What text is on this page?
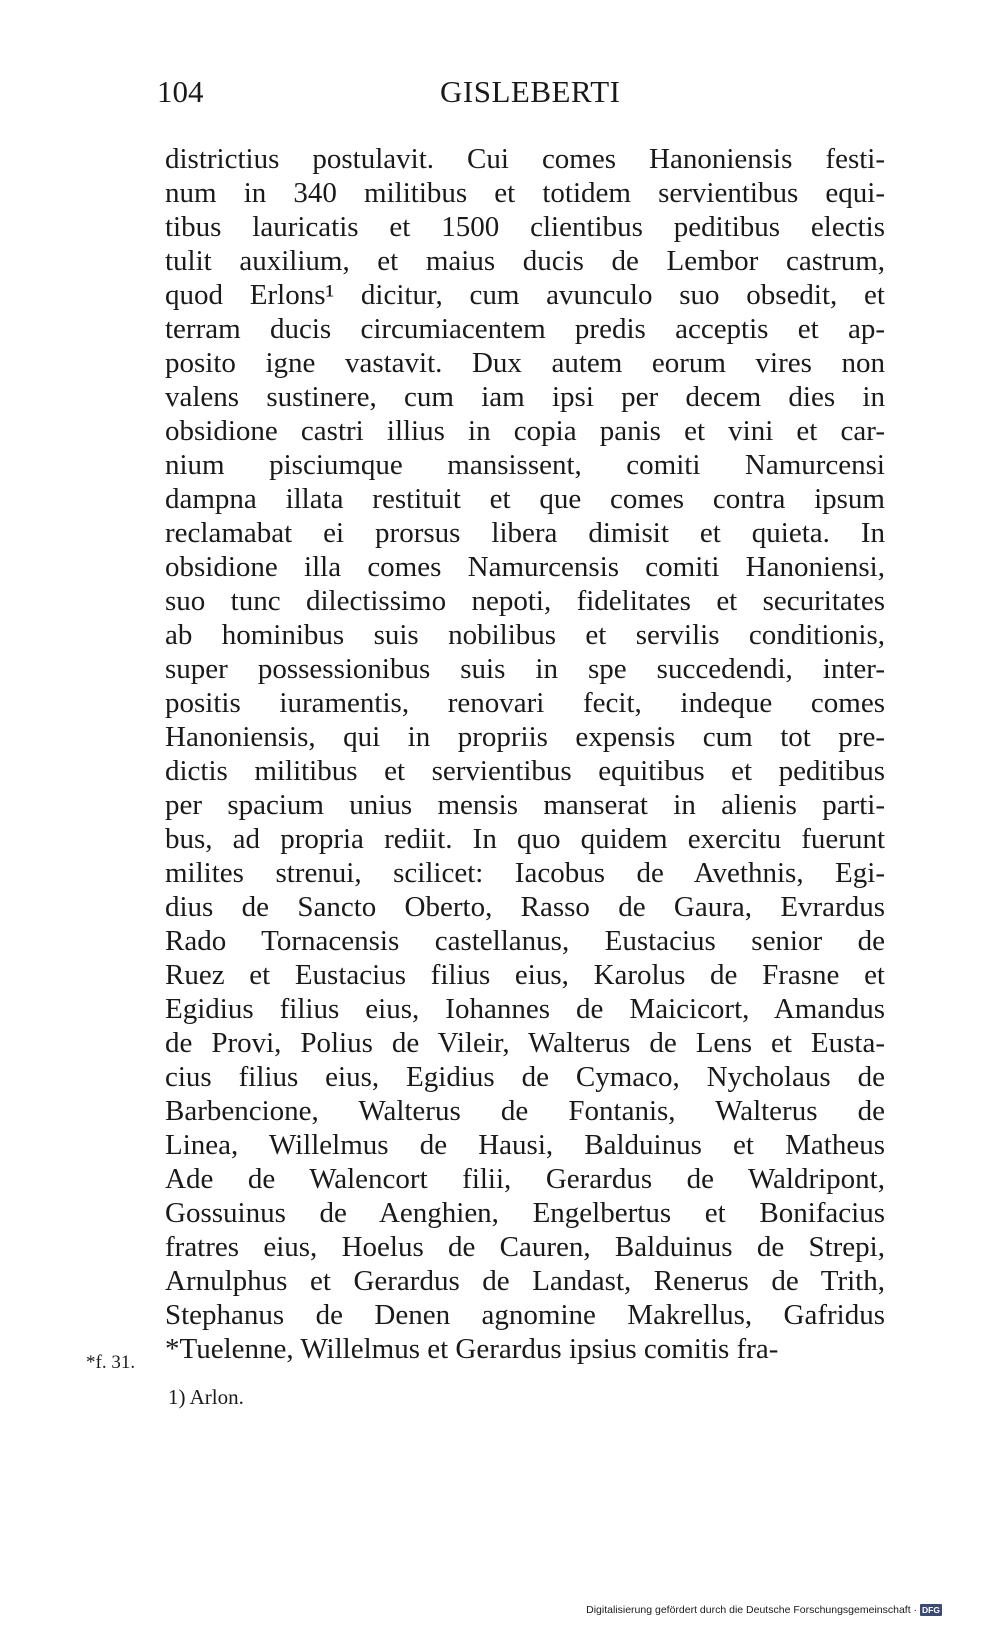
104	GISLEBERTI
districtius postulavit. Cui comes Hanoniensis festi-
num in 340 militibus et totidem servientibus equi-
tibus lauricatis et 1500 clientibus peditibus electis
tulit auxilium, et maius ducis de Lembor castrum,
quod Erlons¹ dicitur, cum avunculo suo obsedit, et
terram ducis circumiacentem predis acceptis et ap-
posito igne vastavit. Dux autem eorum vires non
valens sustinere, cum iam ipsi per decem dies in
obsidione castri illius in copia panis et vini et car-
nium pisciumque mansissent, comiti Namurcensi
dampna illata restituit et que comes contra ipsum
reclamabat ei prorsus libera dimisit et quieta. In
obsidione illa comes Namurcensis comiti Hanoniensi,
suo tunc dilectissimo nepoti, fidelitates et securitates
ab hominibus suis nobilibus et servilis conditionis,
super possessionibus suis in spe succedendi, inter-
positis iuramentis, renovari fecit, indeque comes
Hanoniensis, qui in propriis expensis cum tot pre-
dictis militibus et servientibus equitibus et peditibus
per spacium unius mensis manserat in alienis parti-
bus, ad propria rediit. In quo quidem exercitu fuerunt
milites strenui, scilicet: Iacobus de Avethnis, Egi-
dius de Sancto Oberto, Rasso de Gaura, Evrardus
Rado Tornacensis castellanus, Eustacius senior de
Ruez et Eustacius filius eius, Karolus de Frasne et
Egidius filius eius, Iohannes de Maicicort, Amandus
de Provi, Polius de Vileir, Walterus de Lens et Eusta-
cius filius eius, Egidius de Cymaco, Nycholaus de
Barbencione, Walterus de Fontanis, Walterus de
Linea, Willelmus de Hausi, Balduinus et Matheus
Ade de Walencort filii, Gerardus de Waldripont,
Gossuinus de Aenghien, Engelbertus et Bonifacius
fratres eius, Hoelus de Cauren, Balduinus de Strepi,
Arnulphus et Gerardus de Landast, Renerus de Trith,
Stephanus de Denen agnomine Makrellus, Gafridus
*Tuelenne, Willelmus et Gerardus ipsius comitis fra-
*f. 31.
1) Arlon.
Digitalisierung gefördert durch die Deutsche Forschungsgemeinschaft · DFG
